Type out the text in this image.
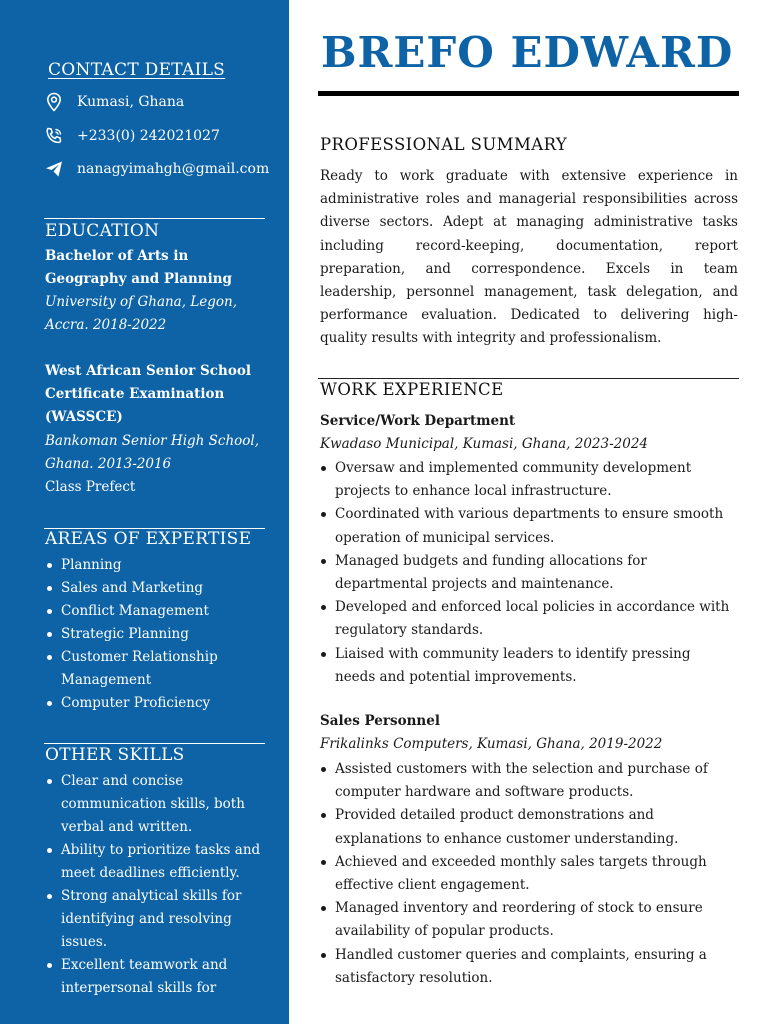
CONTACT DETAILS
Kumasi, Ghana
+233(0) 242021027
nanagyimahgh@gmail.com
EDUCATION
Bachelor of Arts in Geography and Planning
University of Ghana, Legon, Accra. 2018-2022
West African Senior School Certificate Examination (WASSCE)
Bankoman Senior High School, Ghana. 2013-2016
Class Prefect
AREAS OF EXPERTISE
Planning
Sales and Marketing
Conflict Management
Strategic Planning
Customer Relationship Management
Computer Proficiency
OTHER SKILLS
Clear and concise communication skills, both verbal and written.
Ability to prioritize tasks and meet deadlines efficiently.
Strong analytical skills for identifying and resolving issues.
Excellent teamwork and interpersonal skills for
BREFO EDWARD
PROFESSIONAL SUMMARY

Ready to work graduate with extensive experience in administrative roles and managerial responsibilities across diverse sectors. Adept at managing administrative tasks including record-keeping, documentation, report preparation, and correspondence. Excels in team leadership, personnel management, task delegation, and performance evaluation. Dedicated to delivering high-quality results with integrity and professionalism.

WORK EXPERIENCE
Service/Work Department
Kwadaso Municipal, Kumasi, Ghana, 2023-2024
Oversaw and implemented community development projects to enhance local infrastructure.
Coordinated with various departments to ensure smooth operation of municipal services.
Managed budgets and funding allocations for departmental projects and maintenance.
Developed and enforced local policies in accordance with regulatory standards.
Liaised with community leaders to identify pressing needs and potential improvements.
Sales Personnel
Frikalinks Computers, Kumasi, Ghana, 2019-2022
Assisted customers with the selection and purchase of computer hardware and software products.
Provided detailed product demonstrations and explanations to enhance customer understanding.
Achieved and exceeded monthly sales targets through effective client engagement.
Managed inventory and reordering of stock to ensure availability of popular products.
Handled customer queries and complaints, ensuring a satisfactory resolution.
